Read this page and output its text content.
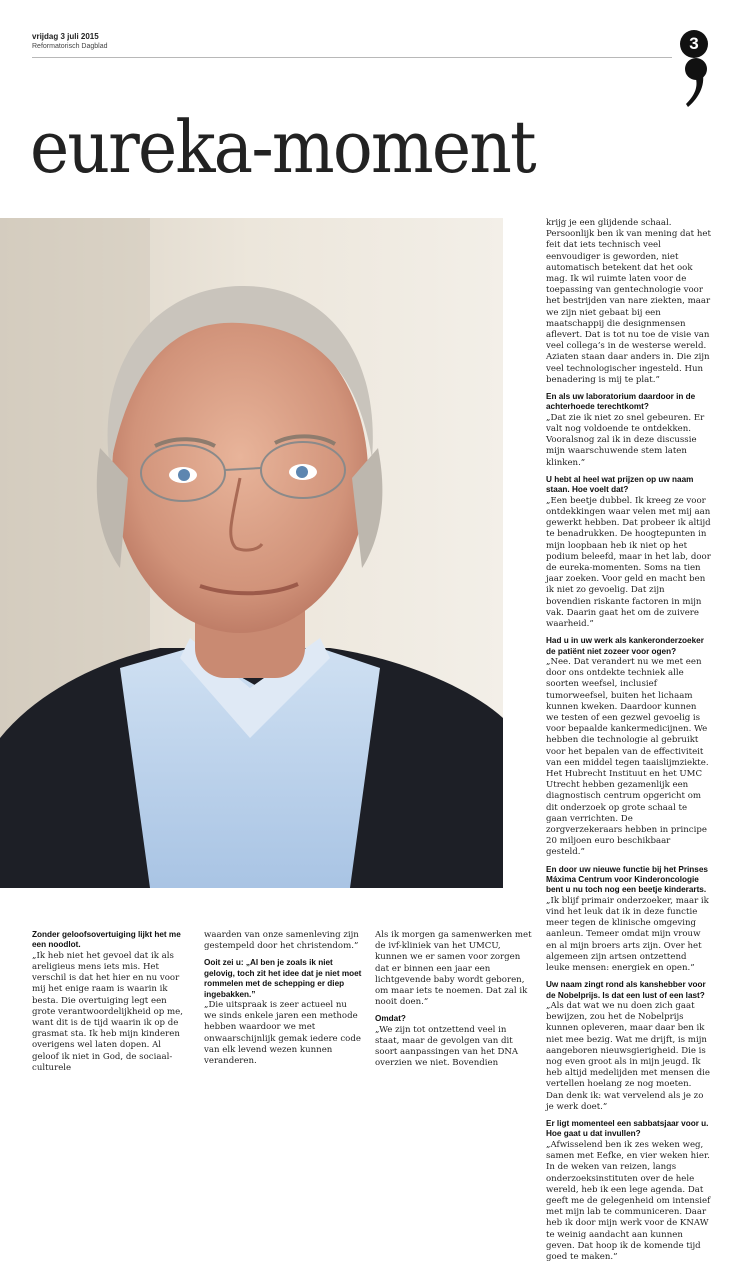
vrijdag 3 juli 2015
Reformatorisch Dagblad	3
eureka-moment

krijg je een glijdende schaal. Persoonlijk ben ik van mening dat het feit dat iets technisch veel eenvoudiger is geworden, niet automatisch betekent dat het ook mag. Ik wil ruimte laten voor de toepassing van gentechnologie voor het bestrijden van nare ziekten, maar we zijn niet gebaat bij een maatschappij die designmensen aflevert. Dat is tot nu toe de visie van veel collega’s in de westerse wereld. Aziaten staan daar anders in. Die zijn veel technologischer ingesteld. Hun benadering is mij te plat.”

En als uw laboratorium daardoor in de achterhoede terechtkomt?
„Dat zie ik niet zo snel gebeuren. Er valt nog voldoende te ontdekken. Vooralsnog zal ik in deze discussie mijn waarschuwende stem laten klinken.”

U hebt al heel wat prijzen op uw naam staan. Hoe voelt dat?
„Een beetje dubbel. Ik kreeg ze voor ontdekkingen waar velen met mij aan gewerkt hebben. Dat probeer ik altijd te benadrukken. De hoogtepunten in mijn loopbaan heb ik niet op het podium beleefd, maar in het lab, door de eureka-momenten. Soms na tien jaar zoeken. Voor geld en macht ben ik niet zo gevoelig. Dat zijn bovendien riskante factoren in mijn vak. Daarin gaat het om de zuivere waarheid.”

Had u in uw werk als kankeronderzoeker de patiënt niet zozeer voor ogen?
„Nee. Dat verandert nu we met een door ons ontdekte techniek alle soorten weefsel, inclusief tumorweefsel, buiten het lichaam kunnen kweken. Daardoor kunnen we testen of een gezwel gevoelig is voor bepaalde kankermedicijnen. We hebben die technologie al gebruikt voor het bepalen van de effectiviteit van een middel tegen taaislijmziekte. Het Hubrecht Instituut en het UMC Utrecht hebben gezamenlijk een diagnostisch centrum opgericht om dit onderzoek op grote schaal te gaan verrichten. De zorgverzekeraars hebben in principe 20 miljoen euro beschikbaar gesteld.”

En door uw nieuwe functie bij het Prinses Máxima Centrum voor Kinderoncologie bent u nu toch nog een beetje kinderarts.
„Ik blijf primair onderzoeker, maar ik vind het leuk dat ik in deze functie meer tegen de klinische omgeving aanleun. Temeer omdat mijn vrouw en al mijn broers arts zijn. Over het algemeen zijn artsen ontzettend leuke mensen: energiek en open.”

Uw naam zingt rond als kanshebber voor de Nobelprijs. Is dat een lust of een last?
„Als dat wat we nu doen zich gaat bewijzen, zou het de Nobelprijs kunnen opleveren, maar daar ben ik niet mee bezig. Wat me drijft, is mijn aangeboren nieuwsgierigheid. Die is nog even groot als in mijn jeugd. Ik heb altijd medelijden met mensen die vertellen hoelang ze nog moeten. Dan denk ik: wat vervelend als je zo je werk doet.”

Er ligt momenteel een sabbatsjaar voor u. Hoe gaat u dat invullen?
„Afwisselend ben ik zes weken weg, samen met Eefke, en vier weken hier. In de weken van reizen, langs onderzoeksinstituten over de hele wereld, heb ik een lege agenda. Dat geeft me de gelegenheid om intensief met mijn lab te communiceren. Daar heb ik door mijn werk voor de KNAW te weinig aandacht aan kunnen geven. Dat hoop ik de komende tijd goed te maken.”

Zonder geloofsovertuiging lijkt het me een noodlot.
„Ik heb niet het gevoel dat ik als areligieus mens iets mis. Het verschil is dat het hier en nu voor mij het enige raam is waarin ik besta. Die overtuiging legt een grote verantwoordelijkheid op me, want dit is de tijd waarin ik op de grasmat sta. Ik heb mijn kinderen overigens wel laten dopen. Al geloof ik niet in God, de sociaal-culturele

waarden van onze samenleving zijn gestempeld door het christendom.”

Ooit zei u: „Al ben je zoals ik niet gelovig, toch zit het idee dat je niet moet rommelen met de schepping er diep ingebakken.”
„Die uitspraak is zeer actueel nu we sinds enkele jaren een methode hebben waardoor we met onwaarschijnlijk gemak iedere code van elk levend wezen kunnen veranderen.

Als ik morgen ga samenwerken met de ivf-kliniek van het UMCU, kunnen we er samen voor zorgen dat er binnen een jaar een lichtgevende baby wordt geboren, om maar iets te noemen. Dat zal ik nooit doen.”

Omdat?
„We zijn tot ontzettend veel in staat, maar de gevolgen van dit soort aanpassingen van het DNA overzien we niet. Bovendien
